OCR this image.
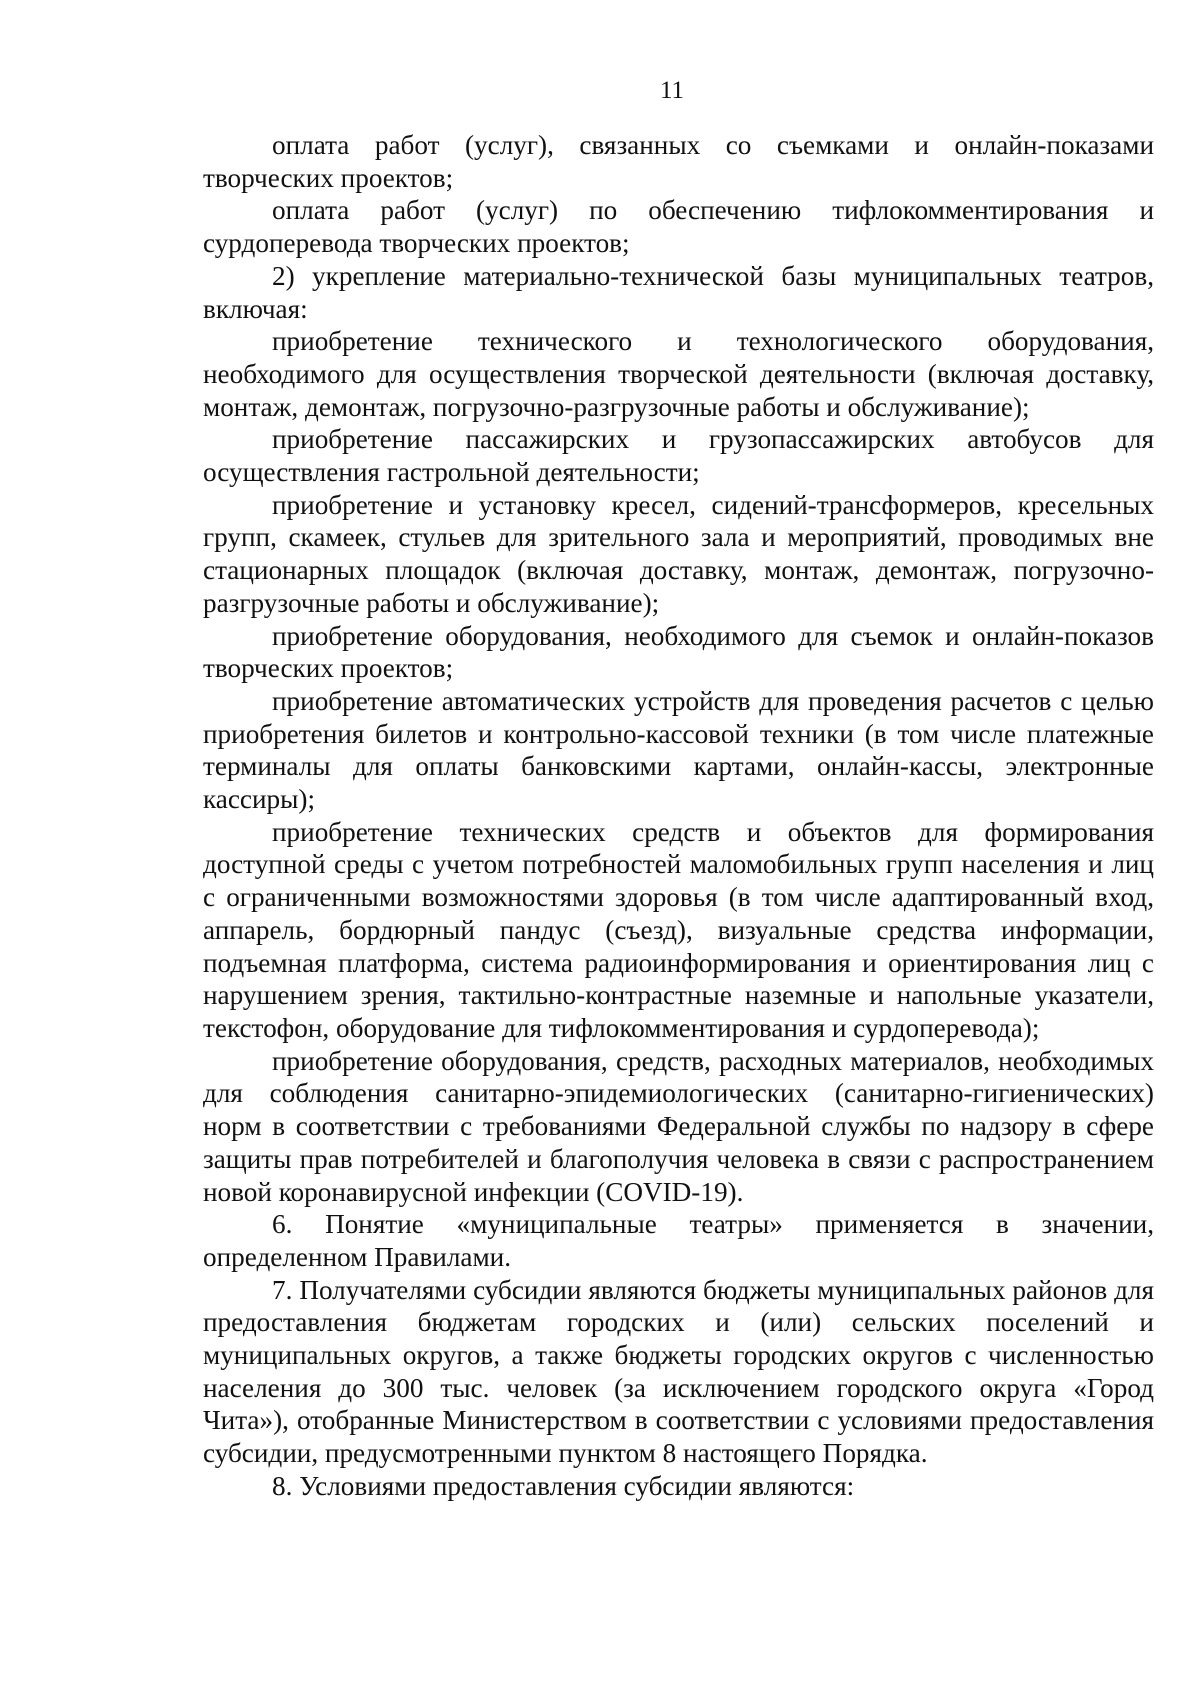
11

оплата работ (услуг), связанных со съемками и онлайн-показами творческих проектов;

оплата работ (услуг) по обеспечению тифлокомментирования и сурдоперевода творческих проектов;

2) укрепление материально-технической базы муниципальных театров, включая:

приобретение технического и технологического оборудования, необходимого для осуществления творческой деятельности (включая доставку, монтаж, демонтаж, погрузочно-разгрузочные работы и обслуживание);

приобретение пассажирских и грузопассажирских автобусов для осуществления гастрольной деятельности;

приобретение и установку кресел, сидений-трансформеров, кресельных групп, скамеек, стульев для зрительного зала и мероприятий, проводимых вне стационарных площадок (включая доставку, монтаж, демонтаж, погрузочно-разгрузочные работы и обслуживание);

приобретение оборудования, необходимого для съемок и онлайн-показов творческих проектов;

приобретение автоматических устройств для проведения расчетов с целью приобретения билетов и контрольно-кассовой техники (в том числе платежные терминалы для оплаты банковскими картами, онлайн-кассы, электронные кассиры);

приобретение технических средств и объектов для формирования доступной среды с учетом потребностей маломобильных групп населения и лиц с ограниченными возможностями здоровья (в том числе адаптированный вход, аппарель, бордюрный пандус (съезд), визуальные средства информации, подъемная платформа, система радиоинформирования и ориентирования лиц с нарушением зрения, тактильно-контрастные наземные и напольные указатели, текстофон, оборудование для тифлокомментирования и сурдоперевода);

приобретение оборудования, средств, расходных материалов, необходимых для соблюдения санитарно-эпидемиологических (санитарно-гигиенических) норм в соответствии с требованиями Федеральной службы по надзору в сфере защиты прав потребителей и благополучия человека в связи с распространением новой коронавирусной инфекции (COVID-19).

6. Понятие «муниципальные театры» применяется в значении, определенном Правилами.

7. Получателями субсидии являются бюджеты муниципальных районов для предоставления бюджетам городских и (или) сельских поселений и муниципальных округов, а также бюджеты городских округов с численностью населения до 300 тыс. человек (за исключением городского округа «Город Чита»), отобранные Министерством в соответствии с условиями предоставления субсидии, предусмотренными пунктом 8 настоящего Порядка.

8. Условиями предоставления субсидии являются:
